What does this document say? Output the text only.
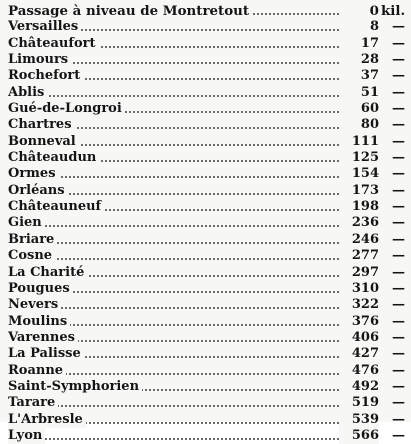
Passage à niveau de Montretout	0 kil.
Versailles	8	—
Châteaufort	17	—
Limours	28	—
Rochefort	37	—
Ablis	51	—
Gué-de-Longroi	60	—
Chartres	80	—
Bonneval	111	—
Châteaudun	125	—
Ormes	154	—
Orléans	173	—
Châteauneuf	198	—
Gien	236	—
Briare	246	—
Cosne	277	—
La Charité	297	—
Pougues	310	—
Nevers	322	—
Moulins	376	—
Varennes	406	—
La Palisse	427	—
Roanne	476	—
Saint-Symphorien	492	—
Tarare	519	—
L'Arbresle	539	—
Lyon	566	—
